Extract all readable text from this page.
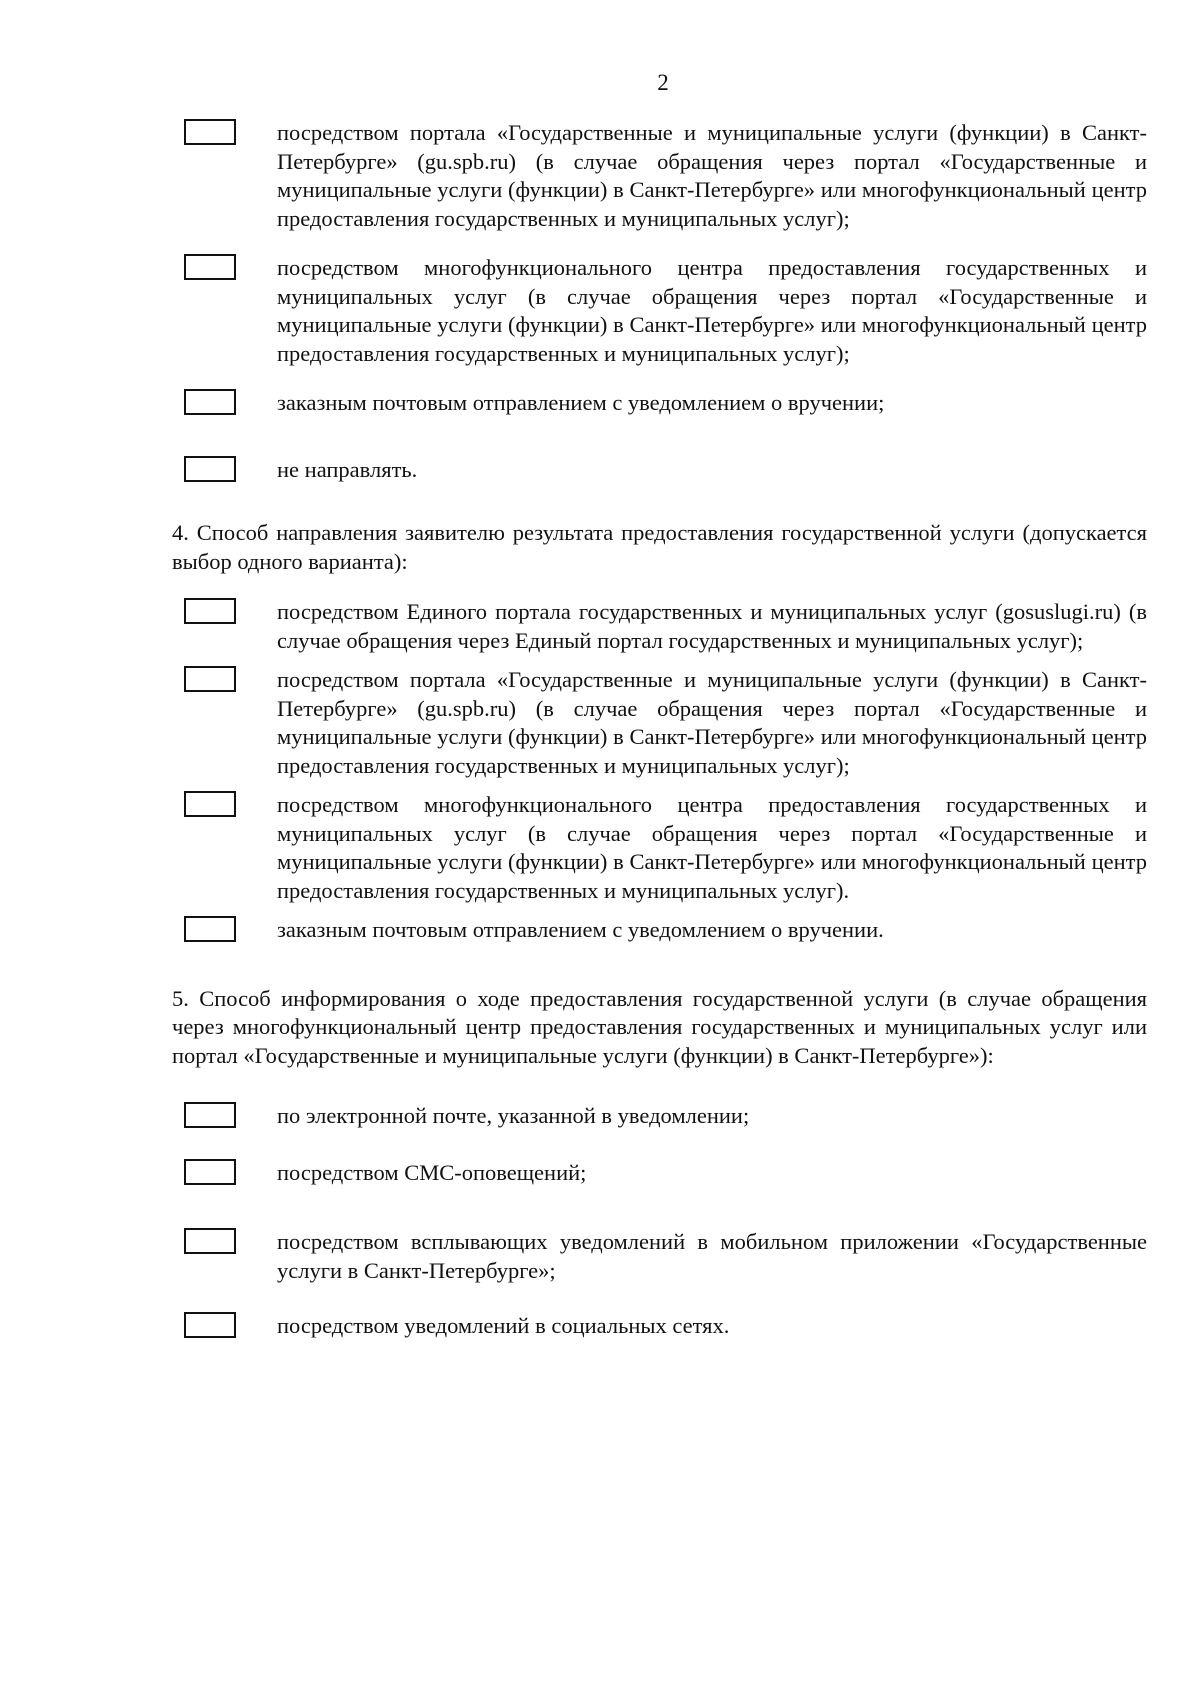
2

посредством портала «Государственные и муниципальные услуги (функции) в Санкт-Петербурге» (gu.spb.ru) (в случае обращения через портал «Государственные и муниципальные услуги (функции) в Санкт-Петербурге» или многофункциональный центр предоставления государственных и муниципальных услуг);

посредством многофункционального центра предоставления государственных и муниципальных услуг (в случае обращения через портал «Государственные и муниципальные услуги (функции) в Санкт-Петербурге» или многофункциональный центр предоставления государственных и муниципальных услуг);

заказным почтовым отправлением с уведомлением о вручении;

не направлять.

4. Способ направления заявителю результата предоставления государственной услуги (допускается выбор одного варианта):

посредством Единого портала государственных и муниципальных услуг (gosuslugi.ru) (в случае обращения через Единый портал государственных и муниципальных услуг);

посредством портала «Государственные и муниципальные услуги (функции) в Санкт-Петербурге» (gu.spb.ru) (в случае обращения через портал «Государственные и муниципальные услуги (функции) в Санкт-Петербурге» или многофункциональный центр предоставления государственных и муниципальных услуг);

посредством многофункционального центра предоставления государственных и муниципальных услуг (в случае обращения через портал «Государственные и муниципальные услуги (функции) в Санкт-Петербурге» или многофункциональный центр предоставления государственных и муниципальных услуг).

заказным почтовым отправлением с уведомлением о вручении.

5. Способ информирования о ходе предоставления государственной услуги (в случае обращения через многофункциональный центр предоставления государственных и муниципальных услуг или портал «Государственные и муниципальные услуги (функции) в Санкт-Петербурге»):

по электронной почте, указанной в уведомлении;

посредством СМС-оповещений;

посредством всплывающих уведомлений в мобильном приложении «Государственные услуги в Санкт-Петербурге»;

посредством уведомлений в социальных сетях.
